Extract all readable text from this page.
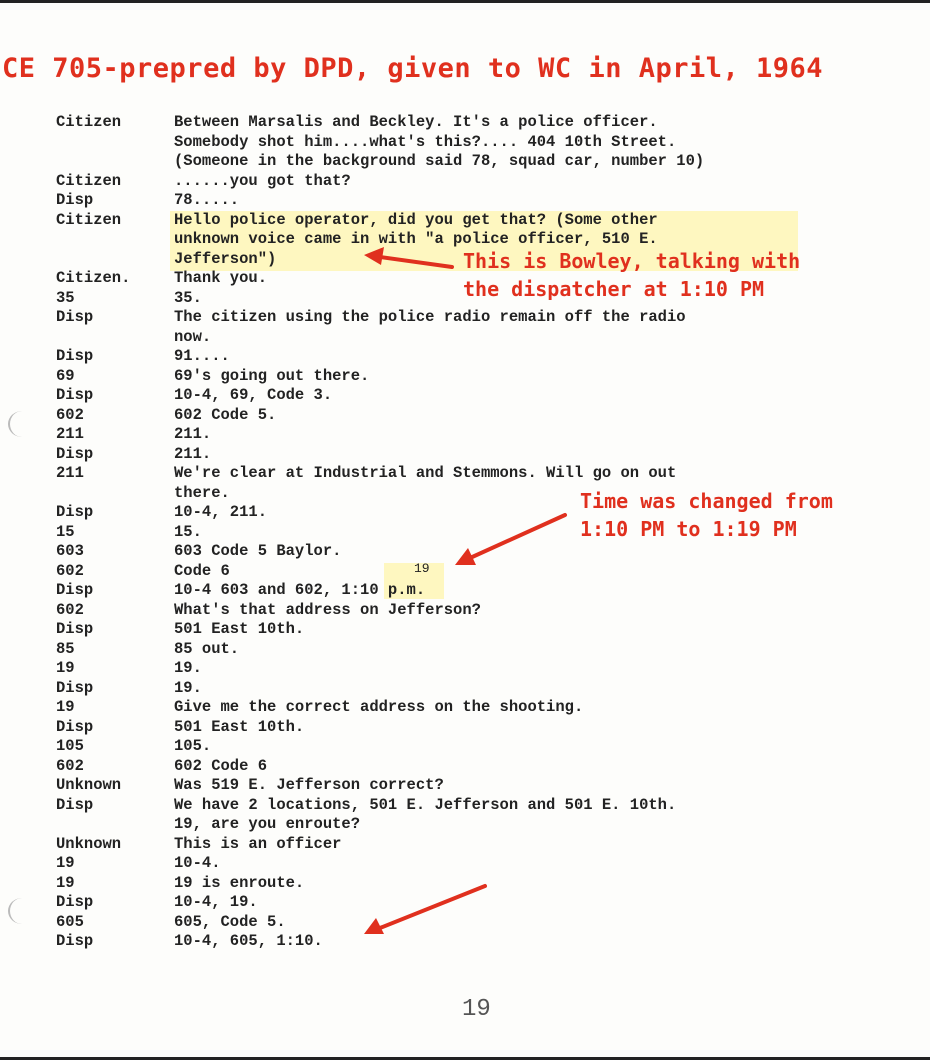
CE 705-prepred by DPD, given to WC in April, 1964
Citizen	Between Marsalis and Beckley. It's a police officer.
Somebody shot him....what's this?.... 404 10th Street.
(Someone in the background said 78, squad car, number 10)
Citizen	......you got that?
Disp	78.....
Citizen	Hello police operator, did you get that? (Some other
unknown voice came in with "a police officer, 510 E.
Jefferson")
Citizen.	Thank you.
35	35.
Disp	The citizen using the police radio remain off the radio
now.
Disp	91....
69	69's going out there.
Disp	10-4, 69, Code 3.
602	602 Code 5.
211	211.
Disp	211.
211	We're clear at Industrial and Stemmons. Will go on out
there.
Disp	10-4, 211.
15	15.
603	603 Code 5 Baylor.
602	Code 6
Disp	10-4 603 and 602, 1:10 p.m.
602	What's that address on Jefferson?
Disp	501 East 10th.
85	85 out.
19	19.
Disp	19.
19	Give me the correct address on the shooting.
Disp	501 East 10th.
105	105.
602	602 Code 6
Unknown	Was 519 E. Jefferson correct?
Disp	We have 2 locations, 501 E. Jefferson and 501 E. 10th.
19, are you enroute?
Unknown	This is an officer
19	10-4.
19	19 is enroute.
Disp	10-4, 19.
605	605, Code 5.
Disp	10-4, 605, 1:10.
This is Bowley, talking with
the dispatcher at 1:10 PM
Time was changed from
1:10 PM to 1:19 PM
19
19
